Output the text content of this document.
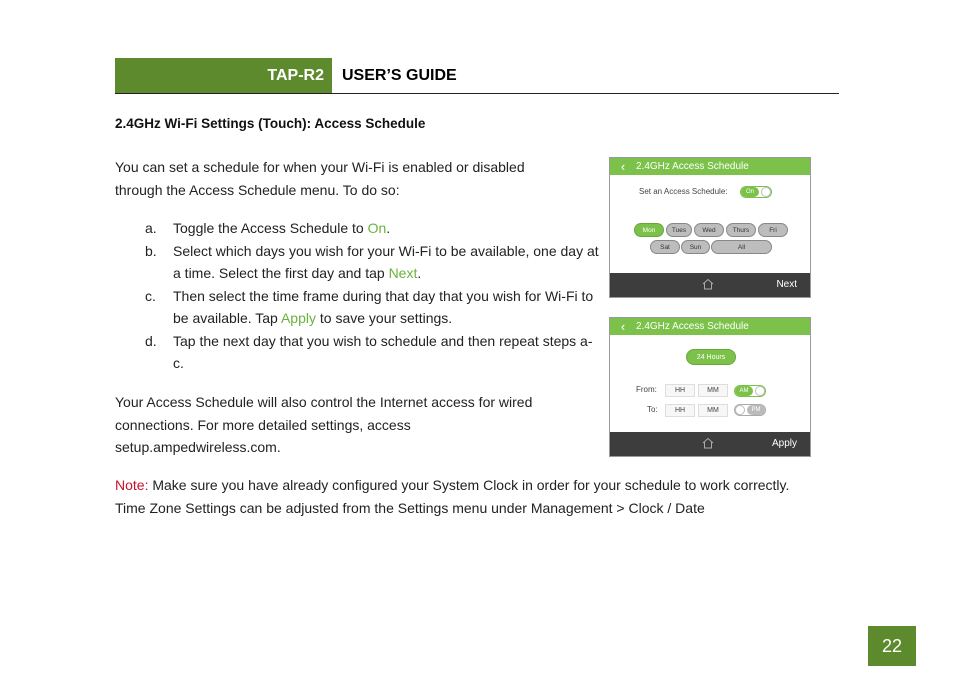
TAP-R2	USER’S GUIDE
2.4GHz Wi-Fi Settings (Touch): Access Schedule
You can set a schedule for when your Wi-Fi is enabled or disabled
through the Access Schedule menu. To do so:
a.	Toggle the Access Schedule to On.
b.	Select which days you wish for your Wi-Fi to be available, one day at a time. Select the first day and tap Next.
c.	Then select the time frame during that day that you wish for Wi-Fi to be available. Tap Apply to save your settings.
d.	Tap the next day that you wish to schedule and then repeat steps a-c.
Your Access Schedule will also control the Internet access for wired
connections. For more detailed settings, access
setup.ampedwireless.com.
Note: Make sure you have already configured your System Clock in order for your schedule to work correctly.
Time Zone Settings can be adjusted from the Settings menu under Management > Clock / Date
‹	2.4GHz Access Schedule
Set an Access Schedule:	On
Mon	Tues	Wed	Thurs	Fri
Sat	Sun	All
Next
‹	2.4GHz Access Schedule
24 Hours
From:	HH	MM	AM
To:	HH	MM	PM
Apply
22
